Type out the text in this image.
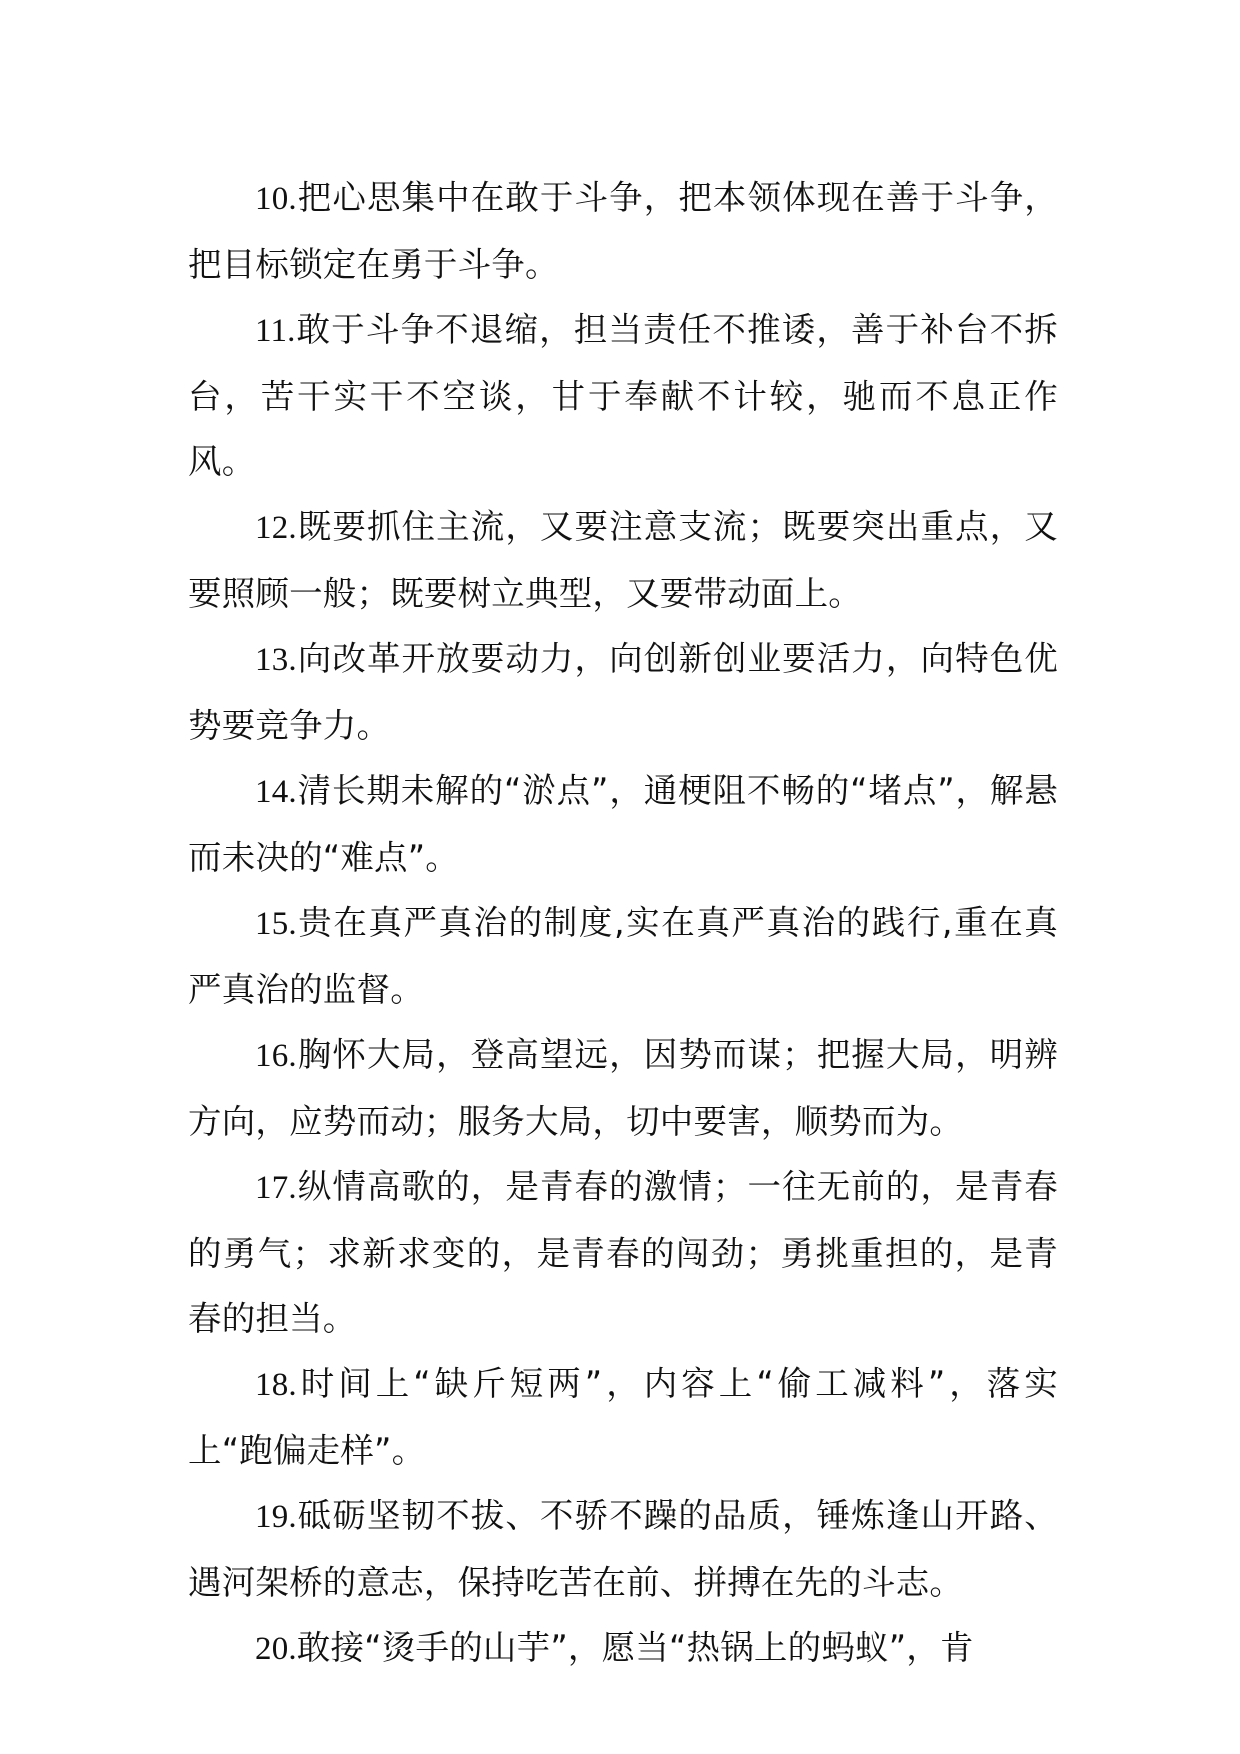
10.把心思集中在敢于斗争，把本领体现在善于斗争，把目标锁定在勇于斗争。

11.敢于斗争不退缩，担当责任不推诿，善于补台不拆台，苦干实干不空谈，甘于奉献不计较，驰而不息正作风。

12.既要抓住主流，又要注意支流；既要突出重点，又要照顾一般；既要树立典型，又要带动面上。

13.向改革开放要动力，向创新创业要活力，向特色优势要竞争力。

14.清长期未解的“淤点”，通梗阻不畅的“堵点”，解悬而未决的“难点”。

15.贵在真严真治的制度,实在真严真治的践行,重在真严真治的监督。

16.胸怀大局，登高望远，因势而谋；把握大局，明辨方向，应势而动；服务大局，切中要害，顺势而为。

17.纵情高歌的，是青春的激情；一往无前的，是青春的勇气；求新求变的，是青春的闯劲；勇挑重担的，是青春的担当。

18.时间上“缺斤短两”，内容上“偷工减料”，落实上“跑偏走样”。

19.砥砺坚韧不拔、不骄不躁的品质，锤炼逢山开路、遇河架桥的意志，保持吃苦在前、拼搏在先的斗志。

20.敢接“烫手的山芋”，愿当“热锅上的蚂蚁”，肯
